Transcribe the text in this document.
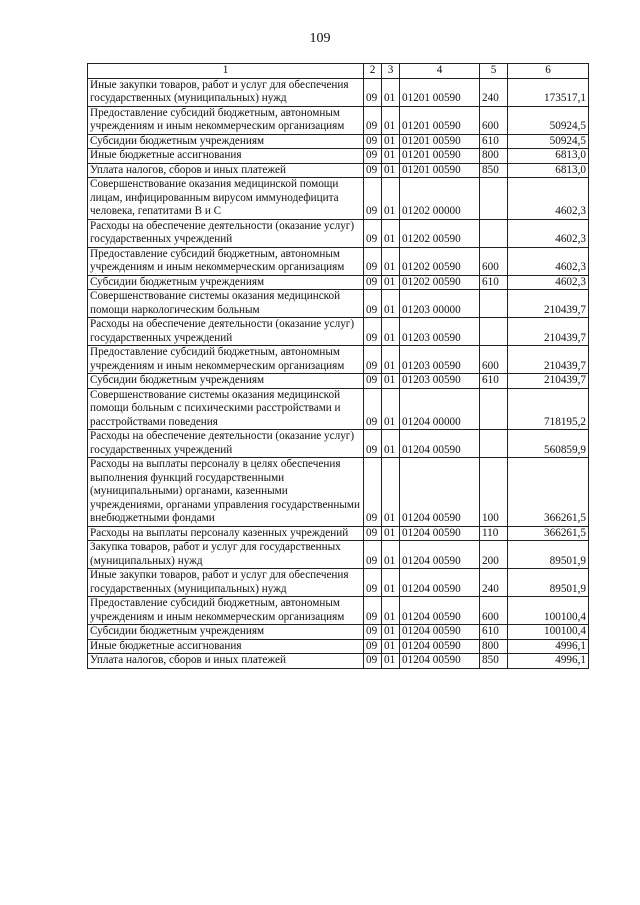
109
1	2	3	4	5	6
Иные закупки товаров, работ и услуг для обеспечения государственных (муниципальных) нужд	09	01	01201 00590	240	173517,1
Предоставление субсидий бюджетным, автономным учреждениям и иным некоммерческим организациям	09	01	01201 00590	600	50924,5
Субсидии бюджетным учреждениям	09	01	01201 00590	610	50924,5
Иные бюджетные ассигнования	09	01	01201 00590	800	6813,0
Уплата налогов, сборов и иных платежей	09	01	01201 00590	850	6813,0
Совершенствование оказания медицинской помощи лицам, инфицированным вирусом иммунодефицита человека, гепатитами В и С	09	01	01202 00000		4602,3
Расходы на обеспечение деятельности (оказание услуг) государственных учреждений	09	01	01202 00590		4602,3
Предоставление субсидий бюджетным, автономным учреждениям и иным некоммерческим организациям	09	01	01202 00590	600	4602,3
Субсидии бюджетным учреждениям	09	01	01202 00590	610	4602,3
Совершенствование системы оказания медицинской помощи наркологическим больным	09	01	01203 00000		210439,7
Расходы на обеспечение деятельности (оказание услуг) государственных учреждений	09	01	01203 00590		210439,7
Предоставление субсидий бюджетным, автономным учреждениям и иным некоммерческим организациям	09	01	01203 00590	600	210439,7
Субсидии бюджетным учреждениям	09	01	01203 00590	610	210439,7
Совершенствование системы оказания медицинской помощи больным с психическими расстройствами и расстройствами поведения	09	01	01204 00000		718195,2
Расходы на обеспечение деятельности (оказание услуг) государственных учреждений	09	01	01204 00590		560859,9
Расходы на выплаты персоналу в целях обеспечения выполнения функций государственными (муниципальными) органами, казенными учреждениями, органами управления государственными внебюджетными фондами	09	01	01204 00590	100	366261,5
Расходы на выплаты персоналу казенных учреждений	09	01	01204 00590	110	366261,5
Закупка товаров, работ и услуг для государственных (муниципальных) нужд	09	01	01204 00590	200	89501,9
Иные закупки товаров, работ и услуг для обеспечения государственных (муниципальных) нужд	09	01	01204 00590	240	89501,9
Предоставление субсидий бюджетным, автономным учреждениям и иным некоммерческим организациям	09	01	01204 00590	600	100100,4
Субсидии бюджетным учреждениям	09	01	01204 00590	610	100100,4
Иные бюджетные ассигнования	09	01	01204 00590	800	4996,1
Уплата налогов, сборов и иных платежей	09	01	01204 00590	850	4996,1
